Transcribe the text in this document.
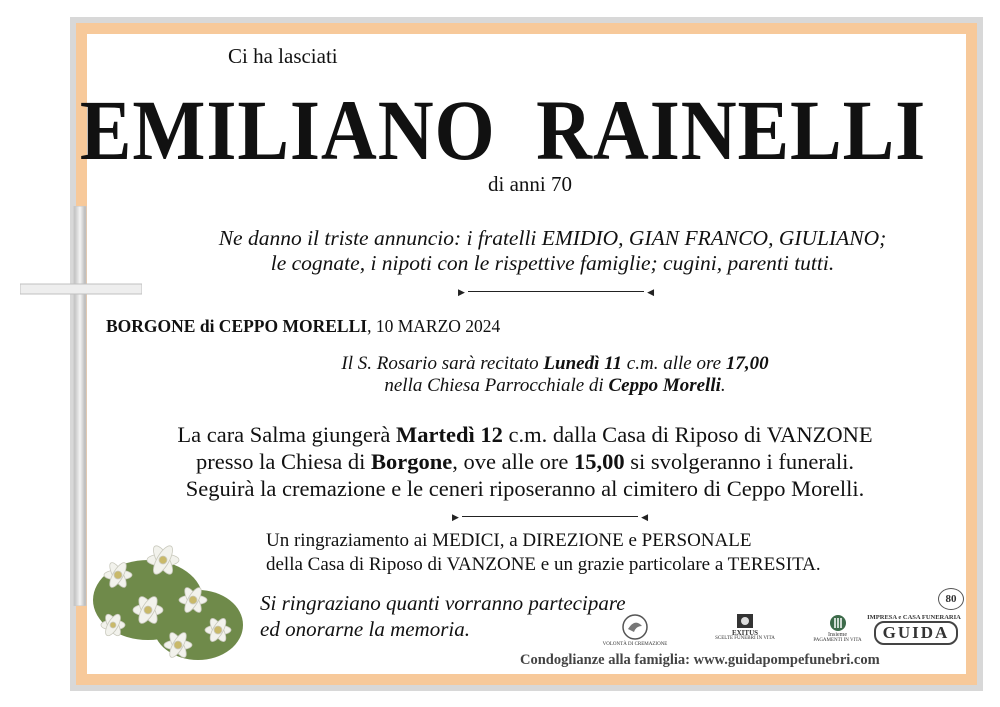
Ci ha lasciati
EMILIANO  RAINELLI
di anni 70
Ne danno il triste annuncio: i fratelli EMIDIO, GIAN FRANCO, GIULIANO;
le cognate, i nipoti con le rispettive famiglie; cugini, parenti tutti.
▶	◀
BORGONE di CEPPO MORELLI, 10 MARZO 2024
Il S. Rosario sarà recitato Lunedì 11 c.m. alle ore 17,00
nella Chiesa Parrocchiale di Ceppo Morelli.
La cara Salma giungerà Martedì 12 c.m. dalla Casa di Riposo di VANZONE
presso la Chiesa di Borgone, ove alle ore 15,00 si svolgeranno i funerali.
Seguirà la cremazione e le ceneri riposeranno al cimitero di Ceppo Morelli.
▶	◀
Un ringraziamento ai MEDICI, a DIREZIONE e PERSONALE
della Casa di Riposo di VANZONE e un grazie particolare a TERESITA.
Si ringraziano quanti vorranno partecipare
ed onorarne la memoria.
VOLONTÀ DI CREMAZIONE
EXITUS
SCELTE FUNEBRI IN VITA
Insieme
PAGAMENTI IN VITA
80
IMPRESA e CASA FUNERARIA
GUIDA
Condoglianze alla famiglia: www.guidapompefunebri.com
